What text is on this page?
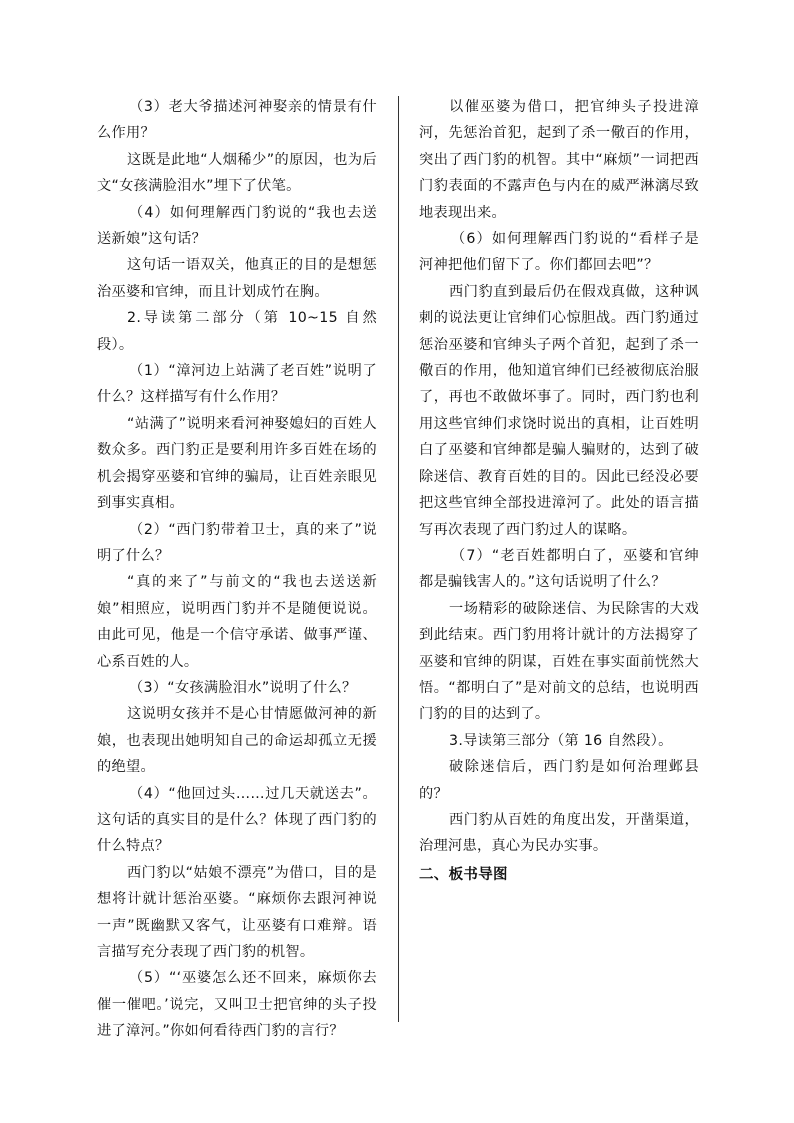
（3）老大爷描述河神娶亲的情景有什么作用？

这既是此地“人烟稀少”的原因，也为后文“女孩满脸泪水”埋下了伏笔。

（4）如何理解西门豹说的“我也去送送新娘”这句话？

这句话一语双关，他真正的目的是想惩治巫婆和官绅，而且计划成竹在胸。

2.导读第二部分（第 10~15 自然段）。

（1）“漳河边上站满了老百姓”说明了什么？这样描写有什么作用？

“站满了”说明来看河神娶媳妇的百姓人数众多。西门豹正是要利用许多百姓在场的机会揭穿巫婆和官绅的骗局，让百姓亲眼见到事实真相。

（2）“西门豹带着卫士，真的来了”说明了什么？

“真的来了”与前文的“我也去送送新娘”相照应，说明西门豹并不是随便说说。由此可见，他是一个信守承诺、做事严谨、心系百姓的人。

（3）“女孩满脸泪水”说明了什么？

这说明女孩并不是心甘情愿做河神的新娘，也表现出她明知自己的命运却孤立无援的绝望。

（4）“他回过头……过几天就送去”。这句话的真实目的是什么？体现了西门豹的什么特点？

西门豹以“姑娘不漂亮”为借口，目的是想将计就计惩治巫婆。“麻烦你去跟河神说一声”既幽默又客气，让巫婆有口难辩。语言描写充分表现了西门豹的机智。

（5）“‘巫婆怎么还不回来，麻烦你去催一催吧。’说完，又叫卫士把官绅的头子投进了漳河。”你如何看待西门豹的言行？

以催巫婆为借口，把官绅头子投进漳河，先惩治首犯，起到了杀一儆百的作用，突出了西门豹的机智。其中“麻烦”一词把西门豹表面的不露声色与内在的威严淋漓尽致地表现出来。

（6）如何理解西门豹说的“看样子是河神把他们留下了。你们都回去吧”？

西门豹直到最后仍在假戏真做，这种讽刺的说法更让官绅们心惊胆战。西门豹通过惩治巫婆和官绅头子两个首犯，起到了杀一儆百的作用，他知道官绅们已经被彻底治服了，再也不敢做坏事了。同时，西门豹也利用这些官绅们求饶时说出的真相，让百姓明白了巫婆和官绅都是骗人骗财的，达到了破除迷信、教育百姓的目的。因此已经没必要把这些官绅全部投进漳河了。此处的语言描写再次表现了西门豹过人的谋略。

（7）“老百姓都明白了，巫婆和官绅都是骗钱害人的。”这句话说明了什么？

一场精彩的破除迷信、为民除害的大戏到此结束。西门豹用将计就计的方法揭穿了巫婆和官绅的阴谋，百姓在事实面前恍然大悟。“都明白了”是对前文的总结，也说明西门豹的目的达到了。

3.导读第三部分（第 16 自然段）。

破除迷信后，西门豹是如何治理邺县的？

西门豹从百姓的角度出发，开凿渠道，治理河患，真心为民办实事。

二、板书导图
